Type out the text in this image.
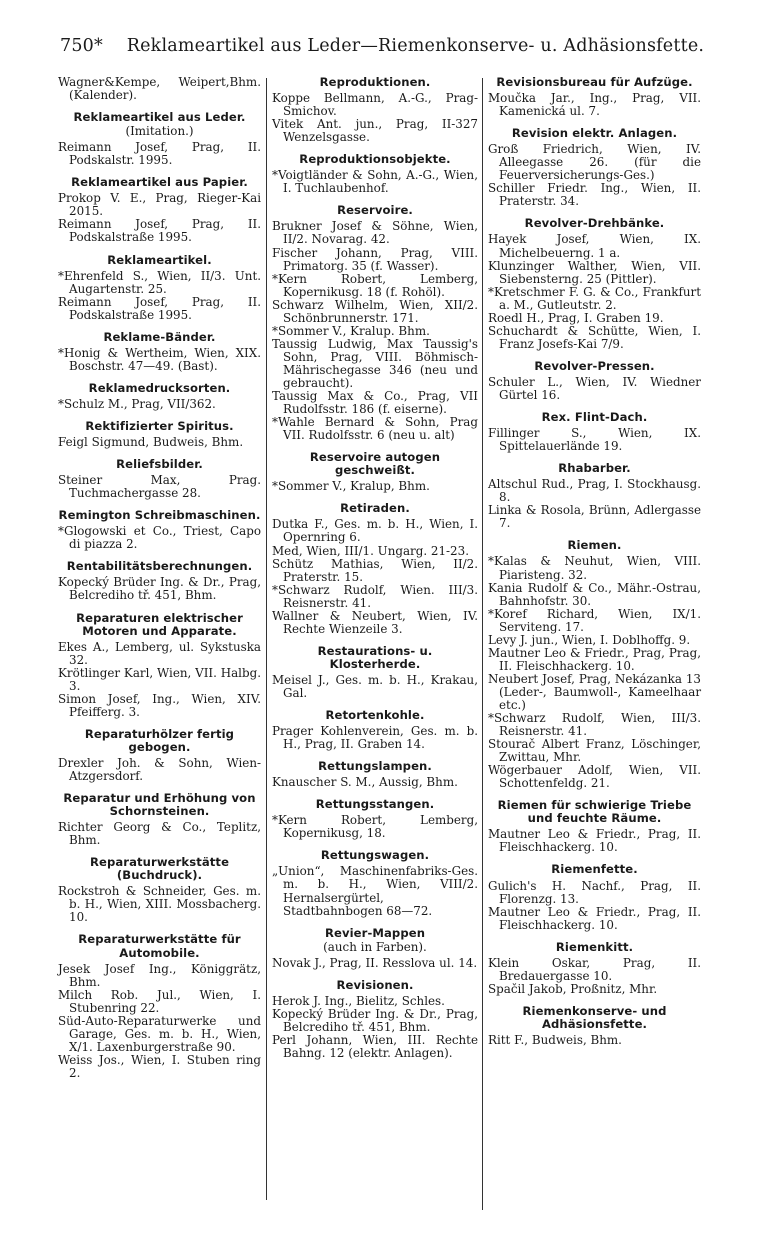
750* Reklameartikel aus Leder—Riemenkonserve- u. Adhäsionsfette.
Wagner&Kempe, Weipert,Bhm. (Kalender).
Reklameartikel aus Leder.
(Imitation.)
Reimann Josef, Prag, II. Podskalstr. 1995.
Reklameartikel aus Papier.
Prokop V. E., Prag, Rieger-Kai 2015.
Reimann Josef, Prag, II. Podskalstraße 1995.
Reklameartikel.
*Ehrenfeld S., Wien, II/3. Unt. Augartenstr. 25.
Reimann Josef, Prag, II. Podskalstraße 1995.
Reklame-Bänder.
*Honig & Wertheim, Wien, XIX. Boschstr. 47—49. (Bast).
Reklamedrucksorten.
*Schulz M., Prag, VII/362.
Rektifizierter Spiritus.
Feigl Sigmund, Budweis, Bhm.
Reliefsbilder.
Steiner Max, Prag. Tuchmachergasse 28.
Remington Schreibmaschinen.
*Glogowski et Co., Triest, Capo di piazza 2.
Rentabilitätsberechnungen.
Kopecký Brüder Ing. & Dr., Prag, Belcrediho tř. 451, Bhm.
Reparaturen elektrischer Motoren und Apparate.
Ekes A., Lemberg, ul. Sykstuska 32.
Krötlinger Karl, Wien, VII. Halbg. 3.
Simon Josef, Ing., Wien, XIV. Pfeifferg. 3.
Reparaturhölzer fertig gebogen.
Drexler Joh. & Sohn, Wien-Atzgersdorf.
Reparatur und Erhöhung von Schornsteinen.
Richter Georg & Co., Teplitz, Bhm.
Reparaturwerkstätte (Buchdruck).
Rockstroh & Schneider, Ges. m. b. H., Wien, XIII. Mossbacherg. 10.
Reparaturwerkstätte für Automobile.
Jesek Josef Ing., Königgrätz, Bhm.
Milch Rob. Jul., Wien, I. Stubenring 22.
Süd-Auto-Reparaturwerke und Garage, Ges. m. b. H., Wien, X/1. Laxenburgerstraße 90.
Weiss Jos., Wien, I. Stuben ring 2.
Reproduktionen.
Koppe Bellmann, A.-G., Prag-Smichov.
Vitek Ant. jun., Prag, II-327 Wenzelsgasse.
Reproduktionsobjekte.
*Voigtländer & Sohn, A.-G., Wien, I. Tuchlaubenhof.
Reservoire.
Brukner Josef & Söhne, Wien, II/2. Novarag. 42.
Fischer Johann, Prag, VIII. Primatorg. 35 (f. Wasser).
*Kern Robert, Lemberg, Kopernikusg. 18 (f. Rohöl).
Schwarz Wilhelm, Wien, XII/2. Schönbrunnerstr. 171.
*Sommer V., Kralup. Bhm.
Taussig Ludwig, Max Taussig's Sohn, Prag, VIII. Böhmisch-Mährischegasse 346 (neu und gebraucht).
Taussig Max & Co., Prag, VII Rudolfsstr. 186 (f. eiserne).
*Wahle Bernard & Sohn, Prag VII. Rudolfsstr. 6 (neu u. alt)
Reservoire autogen geschweißt.
*Sommer V., Kralup, Bhm.
Retiraden.
Dutka F., Ges. m. b. H., Wien, I. Opernring 6.
Med, Wien, III/1. Ungarg. 21-23.
Schütz Mathias, Wien, II/2. Praterstr. 15.
*Schwarz Rudolf, Wien. III/3. Reisnerstr. 41.
Wallner & Neubert, Wien, IV. Rechte Wienzeile 3.
Restaurations- u. Klosterherde.
Meisel J., Ges. m. b. H., Krakau, Gal.
Retortenkohle.
Prager Kohlenverein, Ges. m. b. H., Prag, II. Graben 14.
Rettungslampen.
Knauscher S. M., Aussig, Bhm.
Rettungsstangen.
*Kern Robert, Lemberg, Kopernikusg, 18.
Rettungswagen.
„Union“, Maschinenfabriks-Ges. m. b. H., Wien, VIII/2. Hernalsergürtel, Stadtbahnbogen 68—72.
Revier-Mappen
(auch in Farben).
Novak J., Prag, II. Resslova ul. 14.
Revisionen.
Herok J. Ing., Bielitz, Schles.
Kopecký Brüder Ing. & Dr., Prag, Belcrediho tř. 451, Bhm.
Perl Johann, Wien, III. Rechte Bahng. 12 (elektr. Anlagen).
Revisionsbureau für Aufzüge.
Moučka Jar., Ing., Prag, VII. Kamenická ul. 7.
Revision elektr. Anlagen.
Groß Friedrich, Wien, IV. Alleegasse 26. (für die Feuerversicherungs-Ges.)
Schiller Friedr. Ing., Wien, II. Praterstr. 34.
Revolver-Drehbänke.
Hayek Josef, Wien, IX. Michelbeuerng. 1 a.
Klunzinger Walther, Wien, VII. Siebensterng. 25 (Pittler).
*Kretschmer F. G. & Co., Frankfurt a. M., Gutleutstr. 2.
Roedl H., Prag, I. Graben 19.
Schuchardt & Schütte, Wien, I. Franz Josefs-Kai 7/9.
Revolver-Pressen.
Schuler L., Wien, IV. Wiedner Gürtel 16.
Rex. Flint-Dach.
Fillinger S., Wien, IX. Spittelauerlände 19.
Rhabarber.
Altschul Rud., Prag, I. Stockhausg. 8.
Linka & Rosola, Brünn, Adlergasse 7.
Riemen.
*Kalas & Neuhut, Wien, VIII. Piaristeng. 32.
Kania Rudolf & Co., Mähr.-Ostrau, Bahnhofstr. 30.
*Koref Richard, Wien, IX/1. Serviteng. 17.
Levy J. jun., Wien, I. Doblhoffg. 9.
Mautner Leo & Friedr., Prag, Prag, II. Fleischhackerg. 10.
Neubert Josef, Prag, Nekázanka 13 (Leder-, Baumwoll-, Kameelhaar etc.)
*Schwarz Rudolf, Wien, III/3. Reisnerstr. 41.
Stourač Albert Franz, Löschinger, Zwittau, Mhr.
Wögerbauer Adolf, Wien, VII. Schottenfeldg. 21.
Riemen für schwierige Triebe und feuchte Räume.
Mautner Leo & Friedr., Prag, II. Fleischhackerg. 10.
Riemenfette.
Gulich's H. Nachf., Prag, II. Florenzg. 13.
Mautner Leo & Friedr., Prag, II. Fleischhackerg. 10.
Riemenkitt.
Klein Oskar, Prag, II. Bredauergasse 10.
Spačil Jakob, Proßnitz, Mhr.
Riemenkonserve- und Adhäsionsfette.
Ritt F., Budweis, Bhm.
